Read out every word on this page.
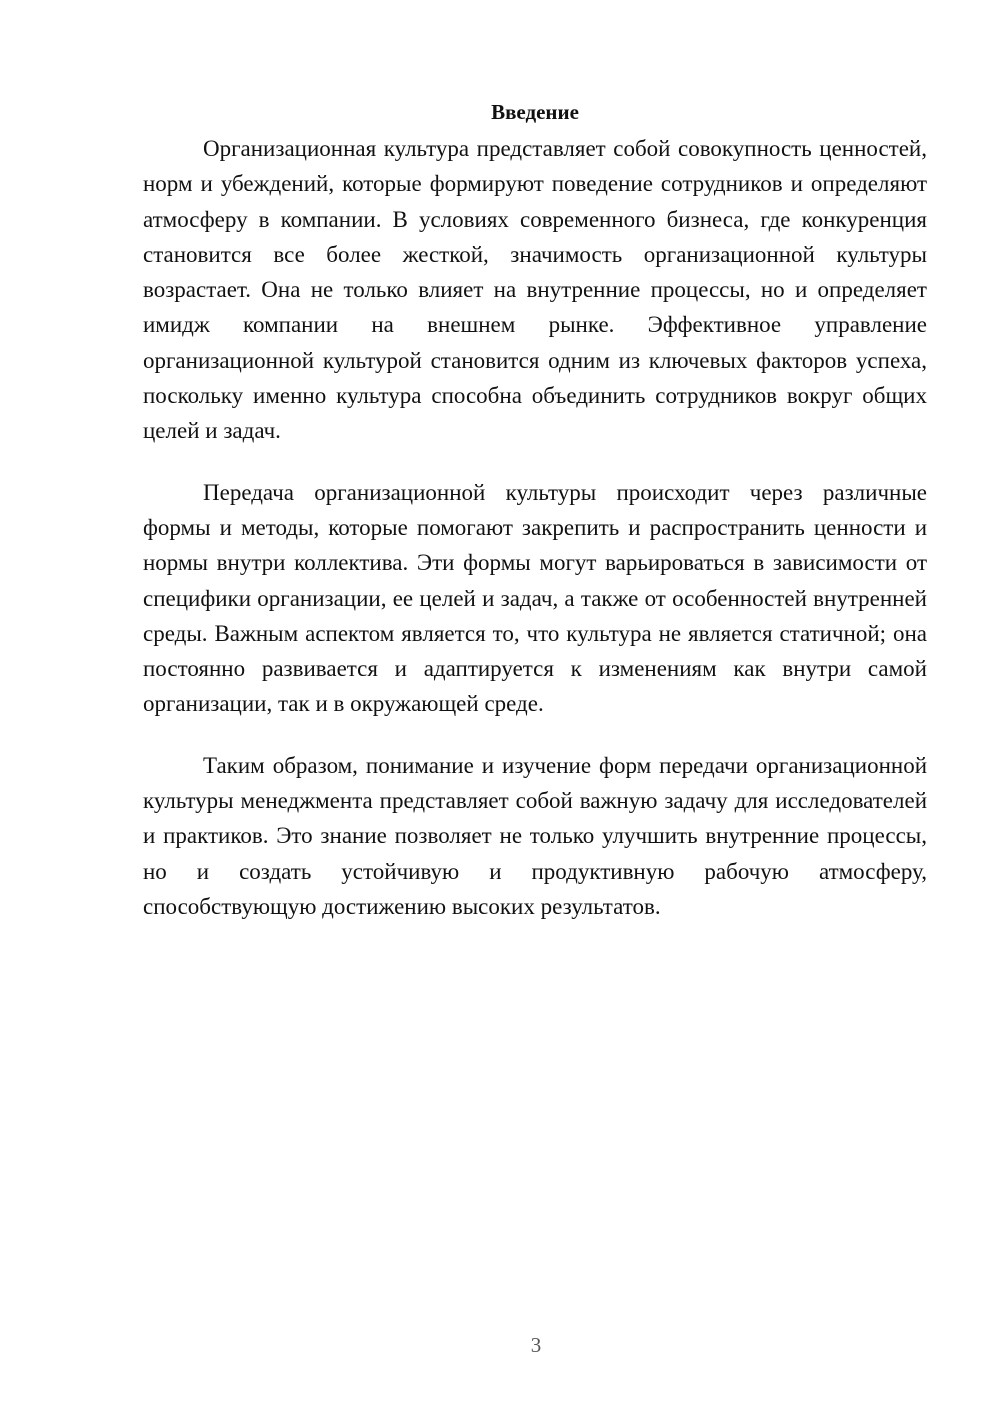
Введение

Организационная культура представляет собой совокупность ценностей, норм и убеждений, которые формируют поведение сотрудников и определяют атмосферу в компании. В условиях современного бизнеса, где конкуренция становится все более жесткой, значимость организационной культуры возрастает. Она не только влияет на внутренние процессы, но и определяет имидж компании на внешнем рынке. Эффективное управление организационной культурой становится одним из ключевых факторов успеха, поскольку именно культура способна объединить сотрудников вокруг общих целей и задач.

Передача организационной культуры происходит через различные формы и методы, которые помогают закрепить и распространить ценности и нормы внутри коллектива. Эти формы могут варьироваться в зависимости от специфики организации, ее целей и задач, а также от особенностей внутренней среды. Важным аспектом является то, что культура не является статичной; она постоянно развивается и адаптируется к изменениям как внутри самой организации, так и в окружающей среде.

Таким образом, понимание и изучение форм передачи организационной культуры менеджмента представляет собой важную задачу для исследователей и практиков. Это знание позволяет не только улучшить внутренние процессы, но и создать устойчивую и продуктивную рабочую атмосферу, способствующую достижению высоких результатов.

3
